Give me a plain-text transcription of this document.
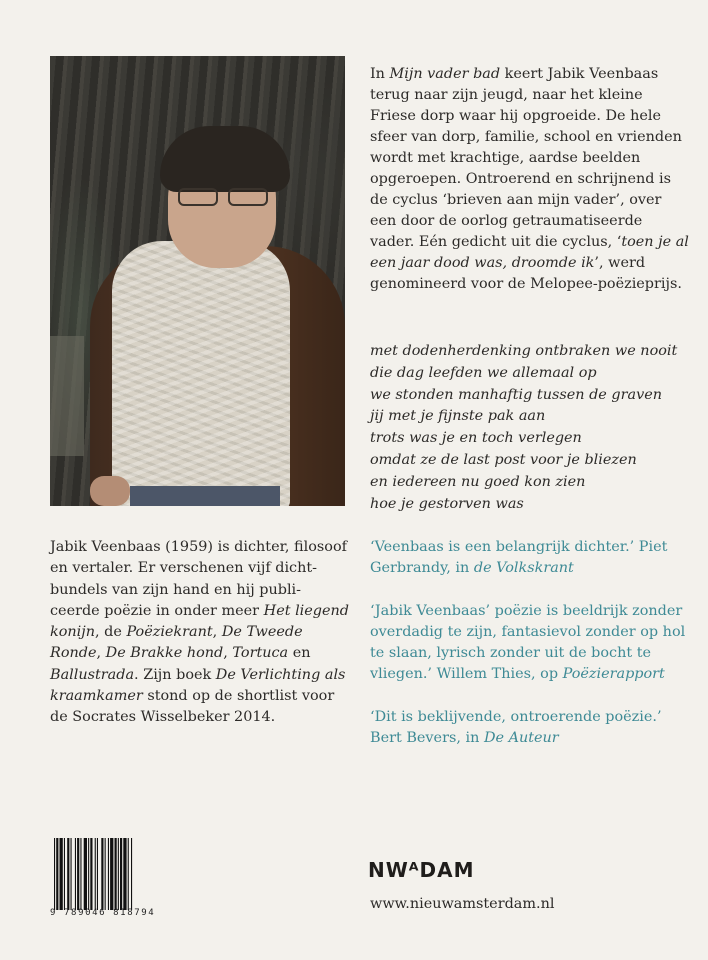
In Mijn vader bad keert Jabik Veenbaas terug naar zijn jeugd, naar het kleine Friese dorp waar hij opgroeide. De hele sfeer van dorp, familie, school en vrienden wordt met krachtige, aardse beelden opgeroepen. Ontroerend en schrijnend is de cyclus ‘brieven aan mijn vader’, over een door de oorlog getraumatiseerde vader. Eén gedicht uit die cyclus, ‘toen je al een jaar dood was, droomde ik’, werd genomineerd voor de Melopee-poëzieprijs.
met dodenherdenking ontbraken we nooit
die dag leefden we allemaal op
we stonden manhaftig tussen de graven
jij met je fijnste pak aan
trots was je en toch verlegen
omdat ze de last post voor je bliezen
en iedereen nu goed kon zien
hoe je gestorven was
Jabik Veenbaas (1959) is dichter, filosoof en vertaler. Er verschenen vijf dicht-bundels van zijn hand en hij publi-ceerde poëzie in onder meer Het liegend konijn, de Poëziekrant, De Tweede Ronde, De Brakke hond, Tortuca en Ballustrada. Zijn boek De Verlichting als kraamkamer stond op de shortlist voor de Socrates Wisselbeker 2014.
‘Veenbaas is een belangrijk dichter.’ Piet Gerbrandy, in de Volkskrant
‘Jabik Veenbaas’ poëzie is beeldrijk zonder overdadig te zijn, fantasievol zonder op hol te slaan, lyrisch zonder uit de bocht te vliegen.’ Willem Thies, op Poëzierapport
‘Dit is beklijvende, ontroerende poëzie.’ Bert Bevers, in De Auteur
9 789046 818794
NWᴬDAM
www.nieuwamsterdam.nl
